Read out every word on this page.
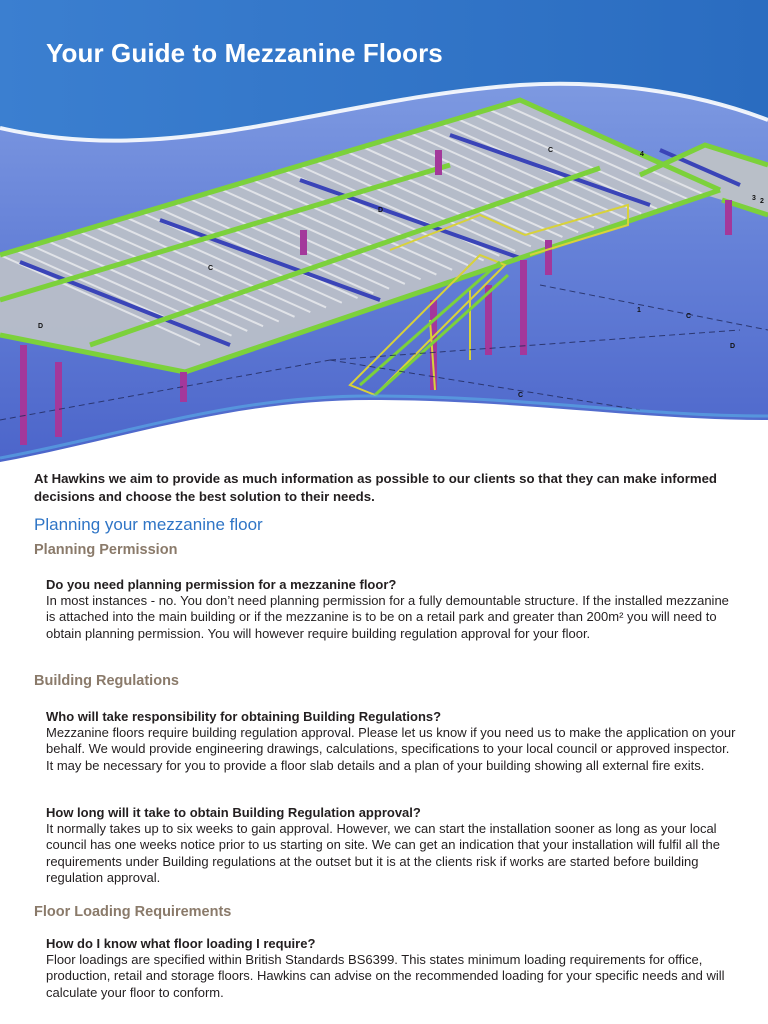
C
D
C
D
4
3 2
C
D
1
C
Your Guide to Mezzanine Floors

At Hawkins we aim to provide as much information as possible to our clients so that they can make informed decisions and choose the best solution to their needs.

Planning your mezzanine floor
Planning Permission

Do you need planning permission for a mezzanine floor?

In most instances - no. You don’t need planning permission for a fully demountable structure. If the installed mezzanine is attached into the main building or if the mezzanine is to be on a retail park and greater than 200m² you will need to obtain planning permission. You will however require building regulation approval for your floor.

Building Regulations

Who will take responsibility for obtaining Building Regulations?

Mezzanine floors require building regulation approval. Please let us know if you need us to make the application on your behalf. We would provide engineering drawings, calculations, specifications to your local council or approved inspector. It may be necessary for you to provide a floor slab details and a plan of your building showing all external fire exits.

How long will it take to obtain Building Regulation approval?

It normally takes up to six weeks to gain approval. However, we can start the installation sooner as long as your local council has one weeks notice prior to us starting on site. We can get an indication that your installation will fulfil all the requirements under Building regulations at the outset but it is at the clients risk if works are started before building regulation approval.

Floor Loading Requirements

How do I know what floor loading I require?

Floor loadings are specified within British Standards BS6399. This states minimum loading requirements for office, production, retail and storage floors. Hawkins can advise on the recommended loading for your specific needs and will calculate your floor to conform.
